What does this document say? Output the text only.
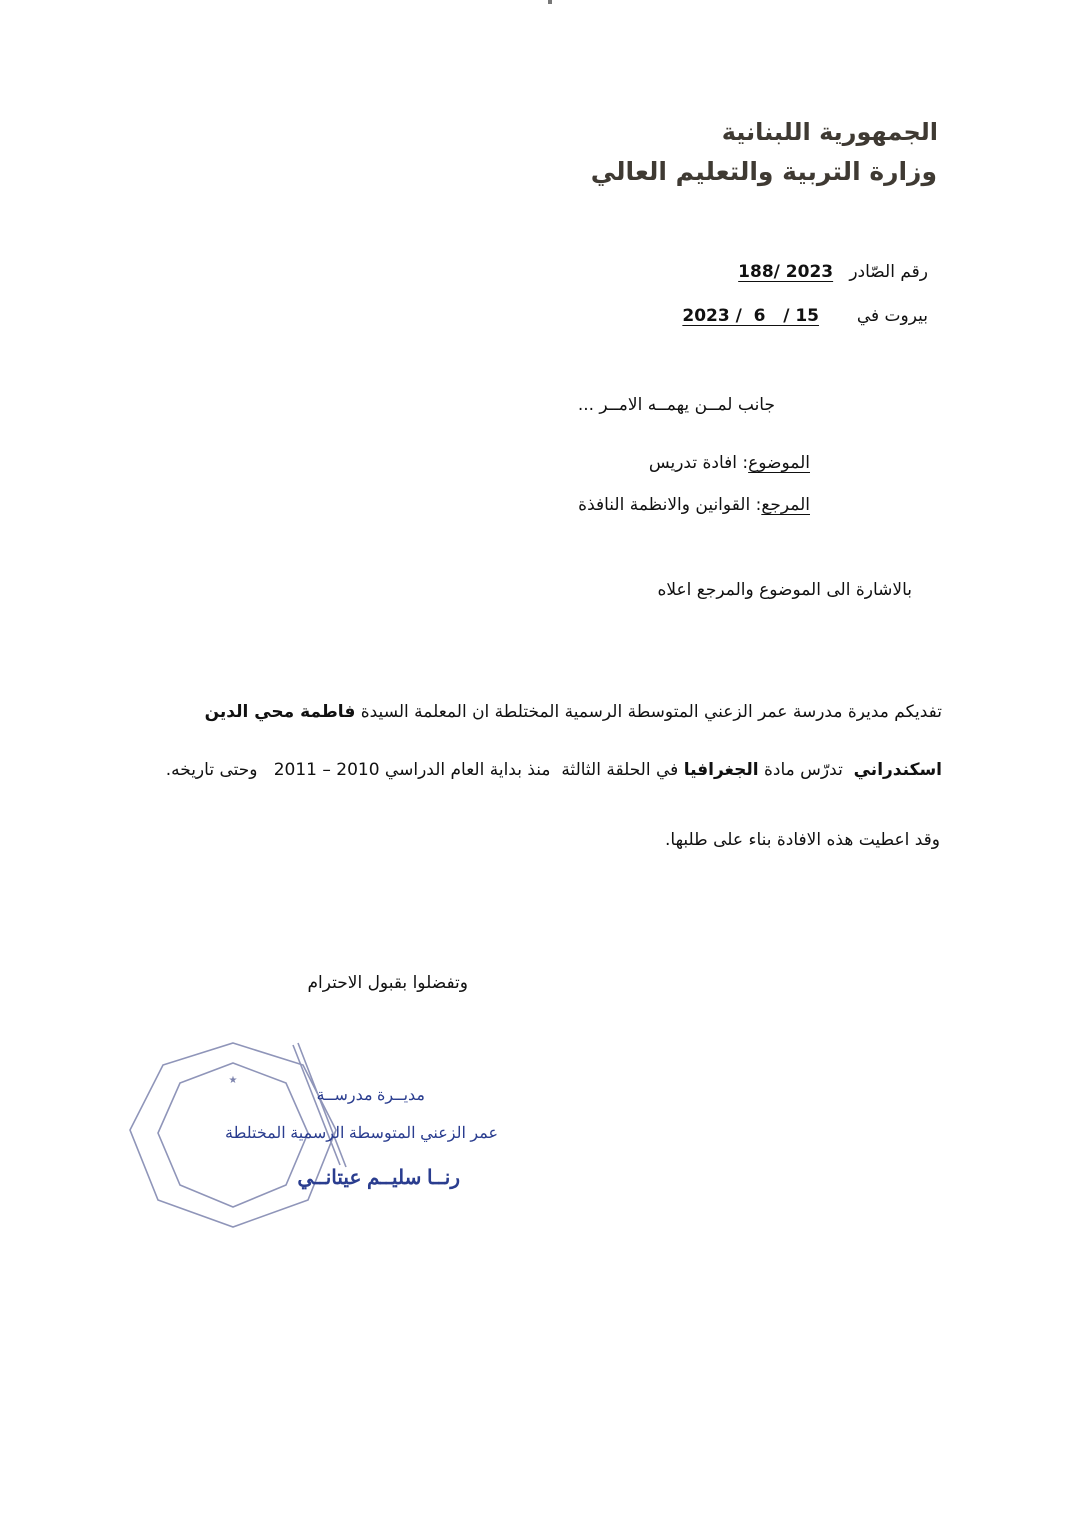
الجمهورية اللبنانية
وزارة التربية والتعليم العالي
رقم الصّادر   188/ 2023
بيروت في       2023 /  6   / 15
جانب لمــن يهمــه الامــر ...
الموضوع: افادة تدريس
المرجع: القوانين والانظمة النافذة
بالاشارة الى الموضوع والمرجع اعلاه
تفديكم مديرة مدرسة عمر الزعني المتوسطة الرسمية المختلطة ان المعلمة السيدة فاطمة محي الدين
اسكندراني  تدرّس مادة الجغرافيا في الحلقة الثالثة  منذ بداية العام الدراسي 2010 – 2011   وحتى تاريخه.
وقد اعطيت هذه الافادة بناء على طلبها.
وتفضلوا بقبول الاحترام
★
مديــرة مدرســة
عمر الزعني المتوسطة الرسمية المختلطة
رنــا سليــم عيتانــي
